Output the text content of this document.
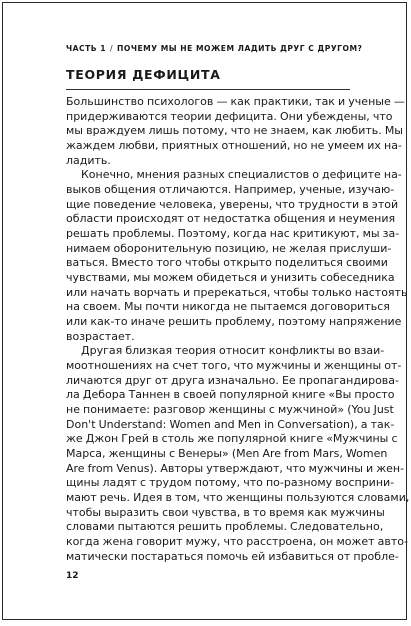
ЧАСТЬ 1 / ПОЧЕМУ МЫ НЕ МОЖЕМ ЛАДИТЬ ДРУГ С ДРУГОМ?
ТЕОРИЯ ДЕФИЦИТА
Большинство психологов — как практики, так и ученые —
придерживаются теории дефицита. Они убеждены, что
мы враждуем лишь потому, что не знаем, как любить. Мы
жаждем любви, приятных отношений, но не умеем их на-
ладить.
Конечно, мнения разных специалистов о дефиците на-
выков общения отличаются. Например, ученые, изучаю-
щие поведение человека, уверены, что трудности в этой
области происходят от недостатка общения и неумения
решать проблемы. Поэтому, когда нас критикуют, мы за-
нимаем оборонительную позицию, не желая прислуши-
ваться. Вместо того чтобы открыто поделиться своими
чувствами, мы можем обидеться и унизить собеседника
или начать ворчать и пререкаться, чтобы только настоять
на своем. Мы почти никогда не пытаемся договориться
или как-то иначе решить проблему, поэтому напряжение
возрастает.
Другая близкая теория относит конфликты во взаи-
моотношениях на счет того, что мужчины и женщины от-
личаются друг от друга изначально. Ее пропагандирова-
ла Дебора Таннен в своей популярной книге «Вы просто
не понимаете: разговор женщины с мужчиной» (You Just
Don't Understand: Women and Men in Conversation), а так-
же Джон Грей в столь же популярной книге «Мужчины с
Марса, женщины с Венеры» (Men Are from Mars, Women
Are from Venus). Авторы утверждают, что мужчины и жен-
щины ладят с трудом потому, что по-разному восприни-
мают речь. Идея в том, что женщины пользуются словами,
чтобы выразить свои чувства, в то время как мужчины
словами пытаются решить проблемы. Следовательно,
когда жена говорит мужу, что расстроена, он может авто-
матически постараться помочь ей избавиться от пробле-
12
